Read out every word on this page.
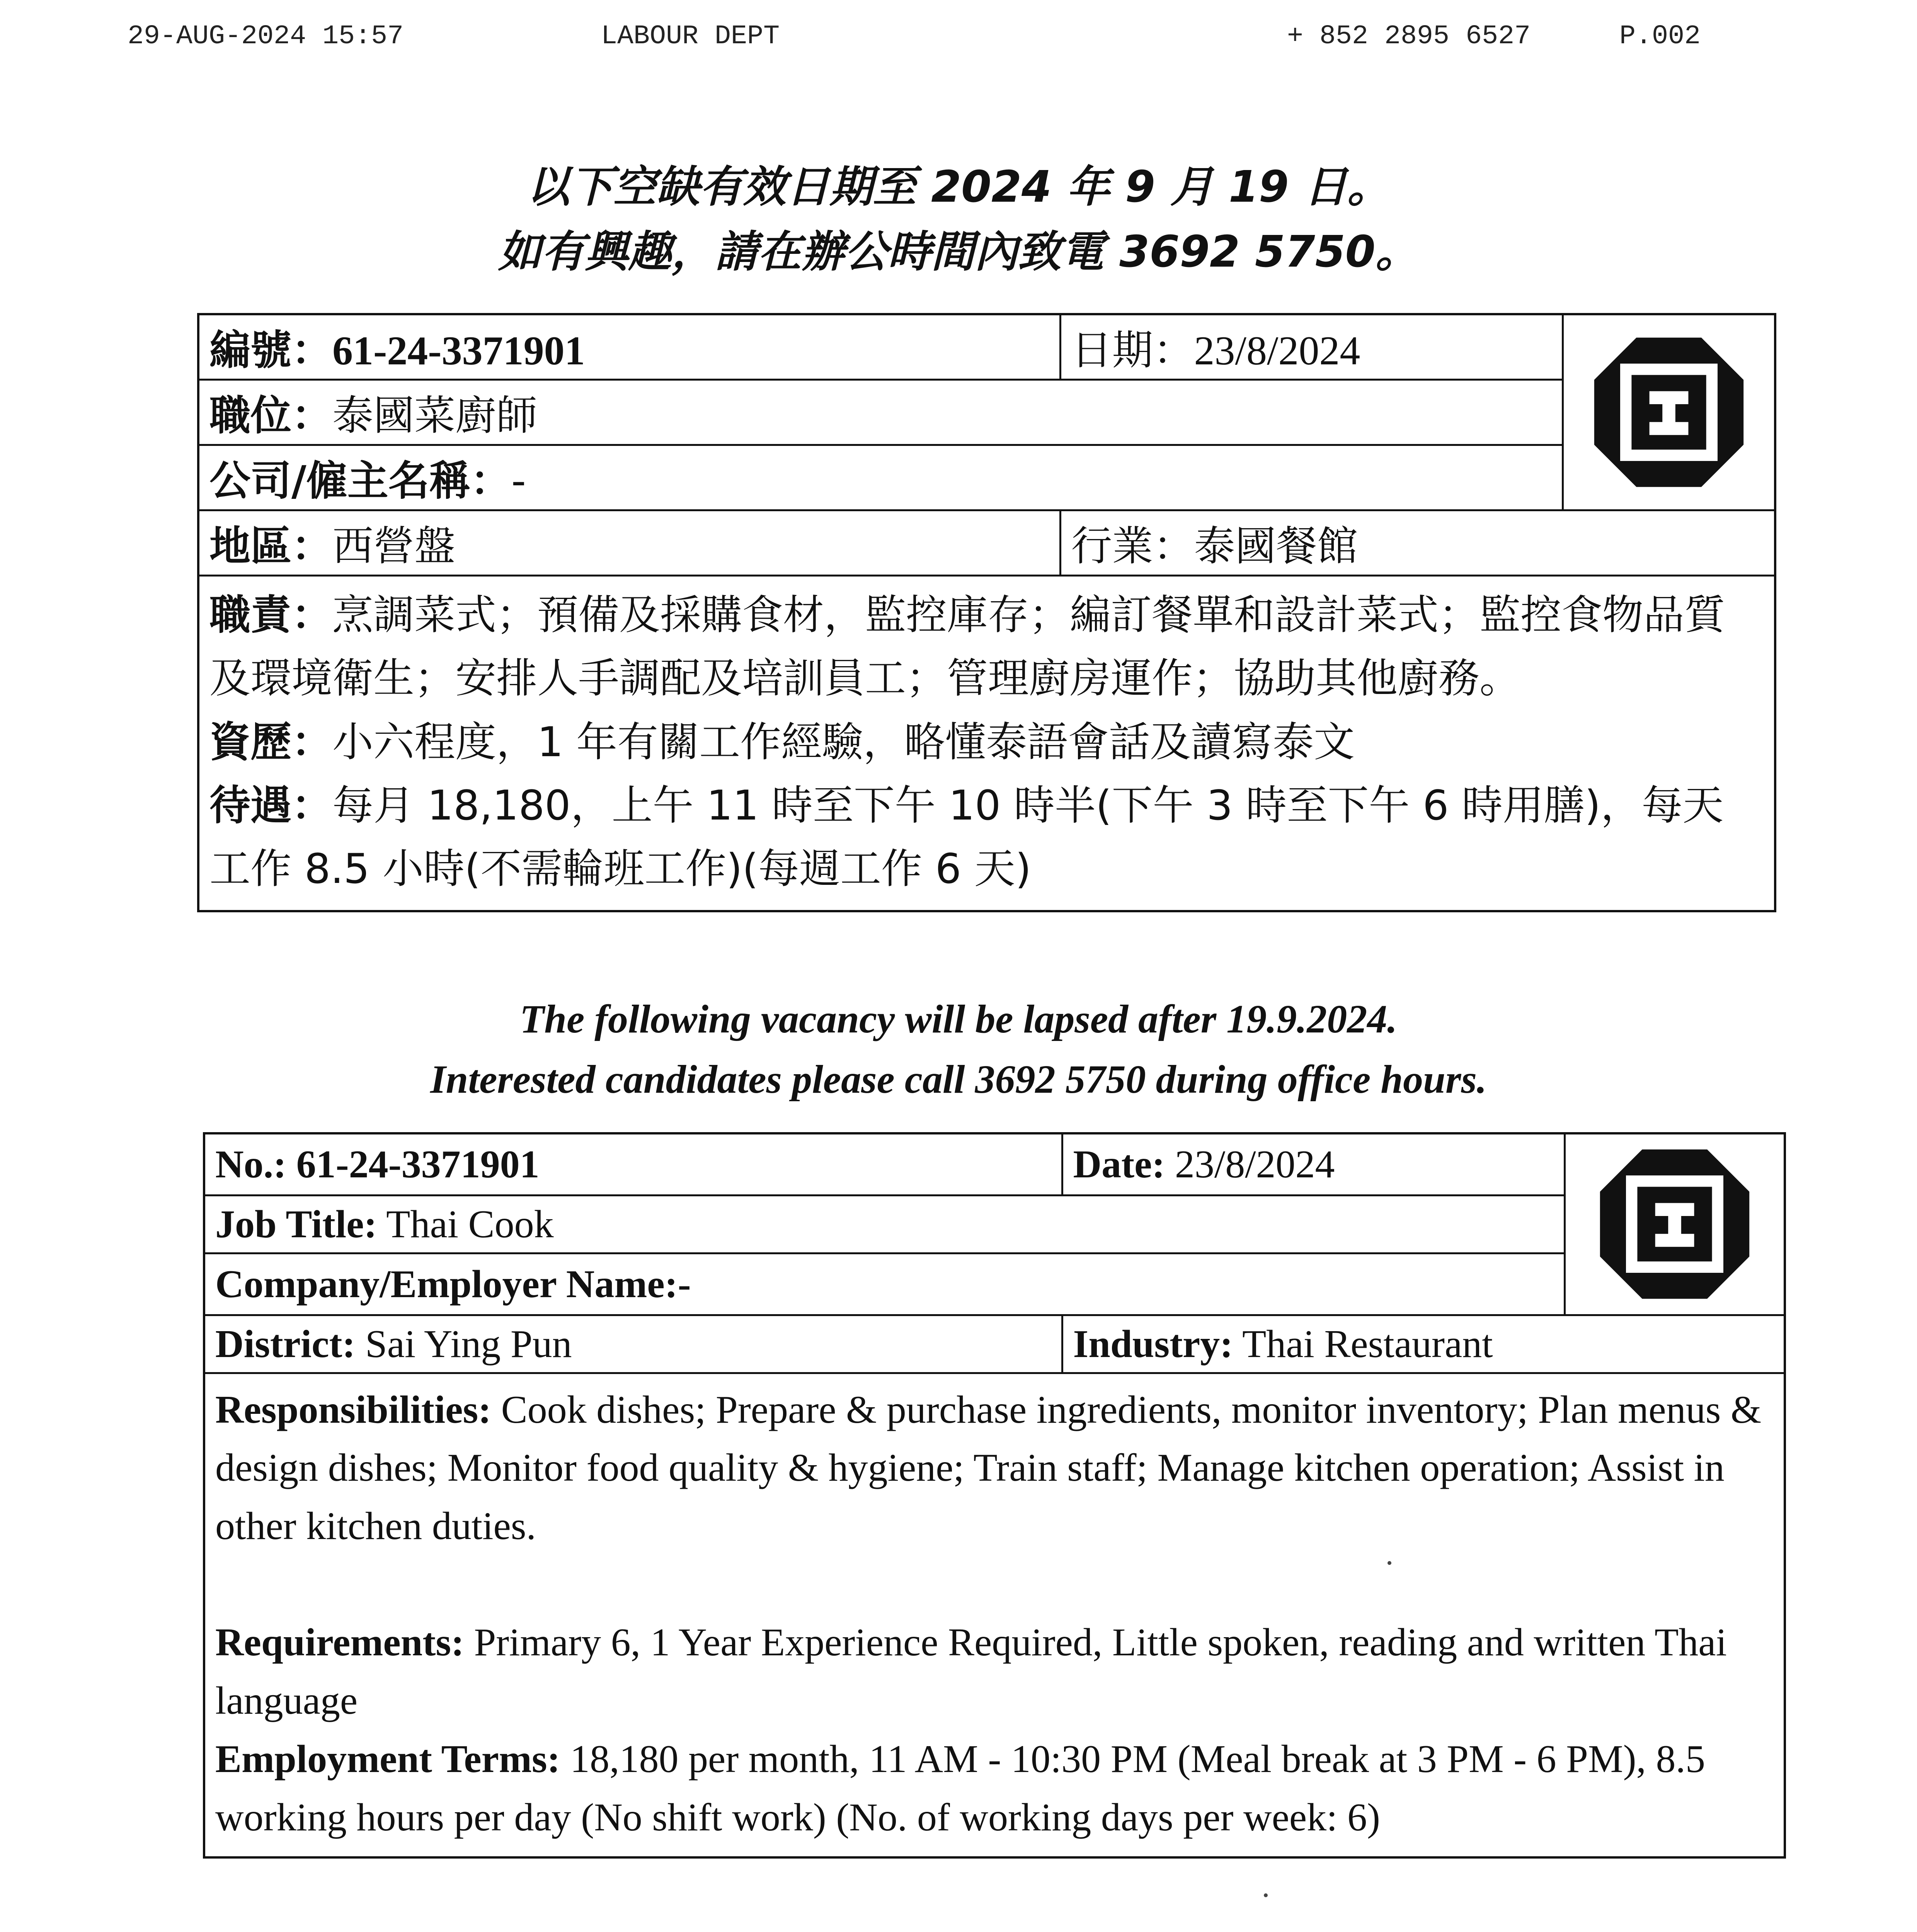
29-AUG-2024 15:57	LABOUR DEPT	+ 852 2895 6527	P.002
以下空缺有效日期至 2024 年 9 月 19 日。
如有興趣，請在辦公時間內致電 3692 5750。
編號：61-24-3371901	日期：23/8/2024	

職位：泰國菜廚師		
公司/僱主名稱：-		
地區：西營盤	行業：泰國餐館	

職責：烹調菜式；預備及採購食材，監控庫存；編訂餐單和設計菜式；監控食物品質及環境衛生；安排人手調配及培訓員工；管理廚房運作；協助其他廚務。

資歷：小六程度，1 年有關工作經驗，略懂泰語會話及讀寫泰文

待遇：每月 18,180，上午 11 時至下午 10 時半(下午 3 時至下午 6 時用膳)，每天工作 8.5 小時(不需輪班工作)(每週工作 6 天)		

The following vacancy will be lapsed after 19.9.2024.
Interested candidates please call 3692 5750 during office hours.
No.: 61-24-3371901	Date: 23/8/2024	

Job Title: Thai Cook		
Company/Employer Name:-		
District: Sai Ying Pun	Industry: Thai Restaurant	

Responsibilities: Cook dishes; Prepare & purchase ingredients, monitor inventory; Plan menus & design dishes; Monitor food quality & hygiene; Train staff; Manage kitchen operation; Assist in other kitchen duties.

Requirements: Primary 6, 1 Year Experience Required, Little spoken, reading and written Thai language

Employment Terms: 18,180 per month, 11 AM - 10:30 PM (Meal break at 3 PM - 6 PM), 8.5 working hours per day (No shift work) (No. of working days per week: 6)		
